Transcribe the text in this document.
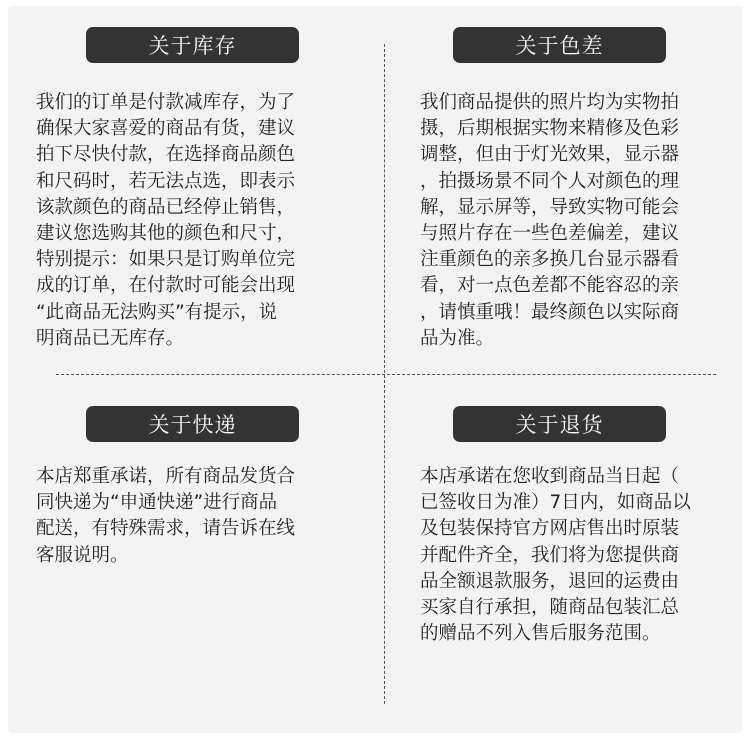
关于库存
我们的订单是付款减库存，为了
确保大家喜爱的商品有货，建议
拍下尽快付款，在选择商品颜色
和尺码时，若无法点选，即表示
该款颜色的商品已经停止销售，
建议您选购其他的颜色和尺寸，
特别提示：如果只是订购单位完
成的订单，在付款时可能会出现
“此商品无法购买”有提示，说
明商品已无库存。
关于色差
我们商品提供的照片均为实物拍
摄，后期根据实物来精修及色彩
调整，但由于灯光效果，显示器
，拍摄场景不同个人对颜色的理
解，显示屏等，导致实物可能会
与照片存在一些色差偏差，建议
注重颜色的亲多换几台显示器看
看，对一点色差都不能容忍的亲
，请慎重哦！最终颜色以实际商
品为准。
关于快递
本店郑重承诺，所有商品发货合
同快递为“申通快递”进行商品
配送，有特殊需求，请告诉在线
客服说明。
关于退货
本店承诺在您收到商品当日起（
已签收日为准）7日内，如商品以
及包装保持官方网店售出时原装
并配件齐全，我们将为您提供商
品全额退款服务，退回的运费由
买家自行承担，随商品包装汇总
的赠品不列入售后服务范围。
